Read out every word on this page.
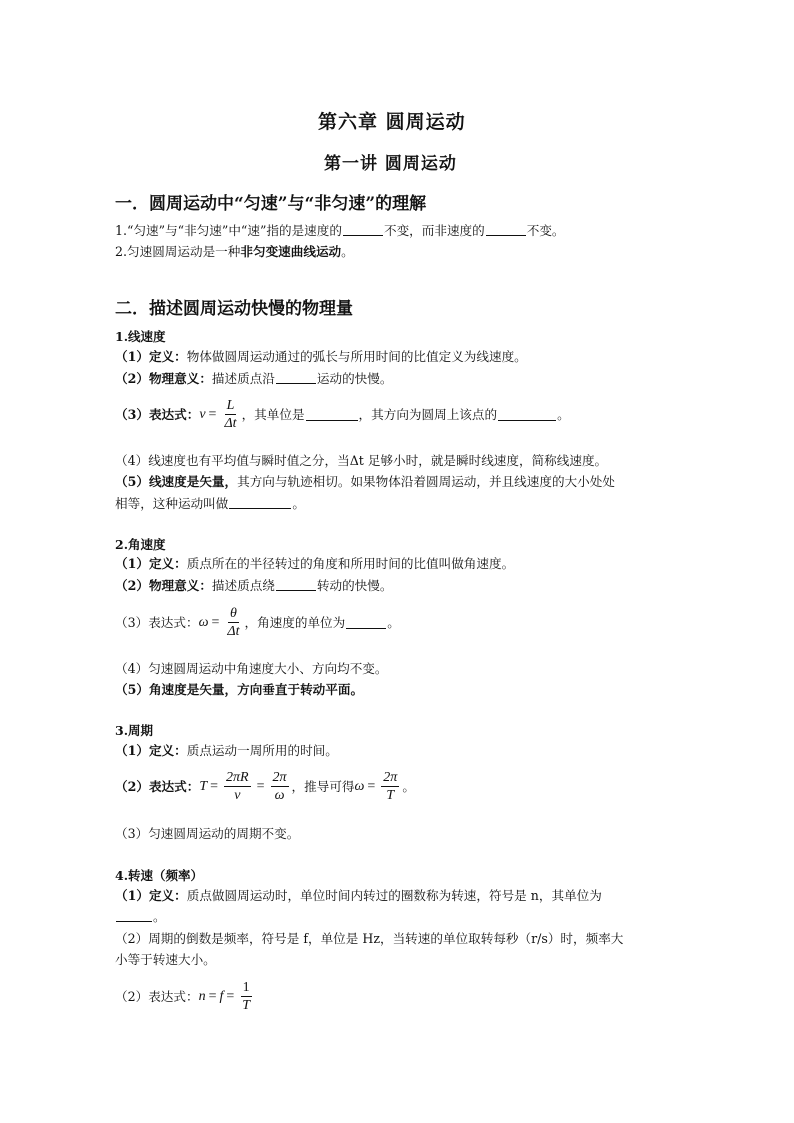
第六章 圆周运动
第一讲 圆周运动
一．圆周运动中“匀速”与“非匀速”的理解
1.“匀速”与“非匀速”中“速”指的是速度的	不变，而非速度的	不变。
2.匀速圆周运动是一种非匀变速曲线运动。
二．描述圆周运动快慢的物理量
1.线速度
（1）定义：物体做圆周运动通过的弧长与所用时间的比值定义为线速度。
（2）物理意义：描述质点沿	运动的快慢。
（3）表达式： $v = \frac{L}{\Delta t}$ ，其单位是	，其方向为圆周上该点的	。
（4）线速度也有平均值与瞬时值之分，当Δt 足够小时，就是瞬时线速度，简称线速度。
（5）线速度是矢量，其方向与轨迹相切。如果物体沿着圆周运动，并且线速度的大小处处
相等，这种运动叫做	。
2.角速度
（1）定义：质点所在的半径转过的角度和所用时间的比值叫做角速度。
（2）物理意义：描述质点绕	转动的快慢。
（3）表达式： $\omega = \frac{\theta}{\Delta t}$ ，角速度的单位为	。
（4）匀速圆周运动中角速度大小、方向均不变。
（5）角速度是矢量，方向垂直于转动平面。
3.周期
（1）定义：质点运动一周所用的时间。
（2）表达式： $T = \frac{2\pi R}{v} = \frac{2\pi}{\omega}$ ，推导可得 $\omega = \frac{2\pi}{T}$ 。
（3）匀速圆周运动的周期不变。
4.转速（频率）
（1）定义：质点做圆周运动时，单位时间内转过的圈数称为转速，符号是 n，其单位为
。
（2）周期的倒数是频率，符号是 f，单位是 Hz，当转速的单位取转每秒（r/s）时，频率大
小等于转速大小。
（2）表达式： $n = f = \frac{1}{T}$
